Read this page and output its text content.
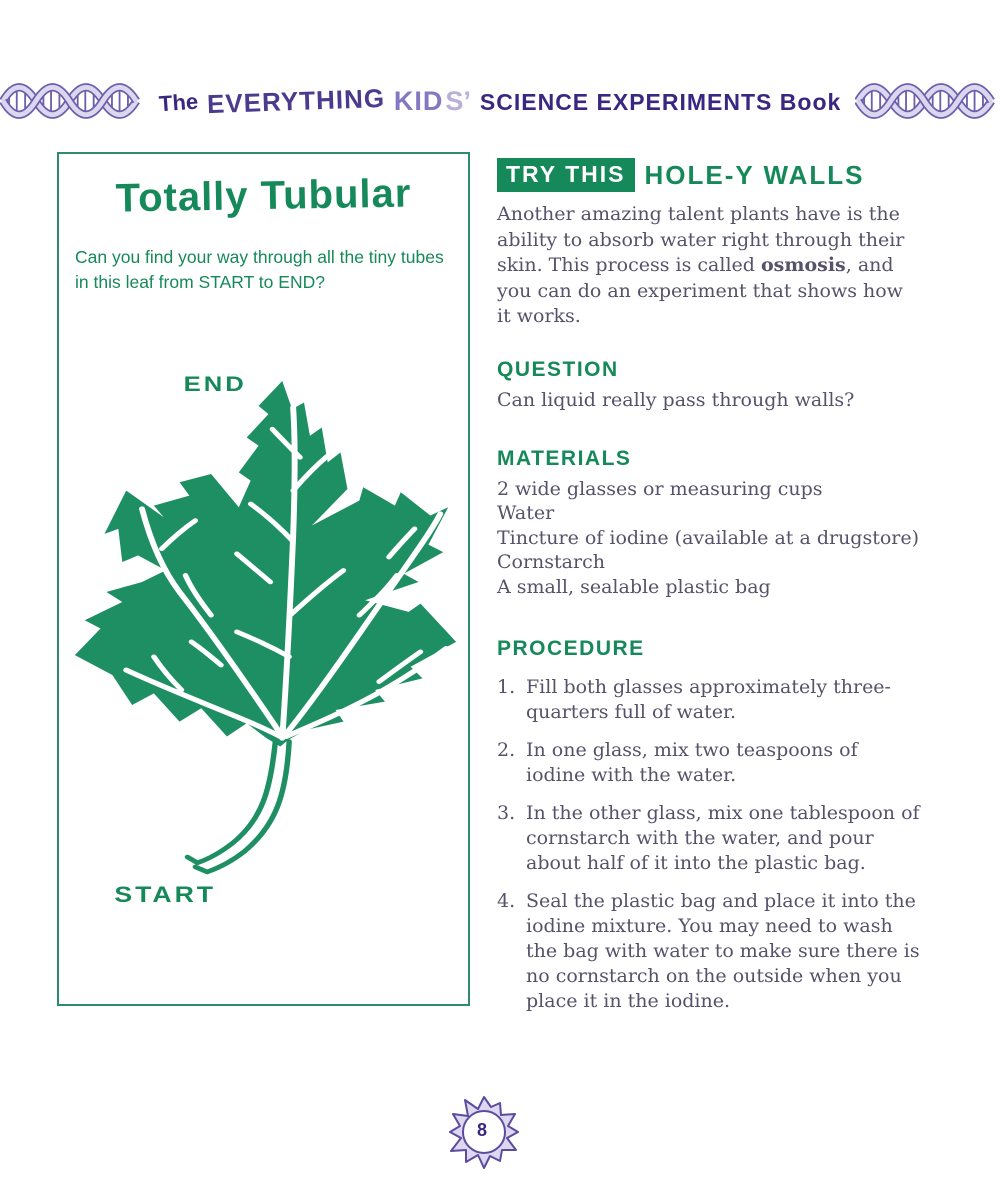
The EVERYTHING KID S’ SCIENCE EXPERIMENTS Book
Totally Tubular
Can you find your way through all the tiny tubes in this leaf from START to END?
END
START
TRY THIS HOLE-Y WALLS
Another amazing talent plants have is the ability to absorb water right through their skin. This process is called osmosis, and you can do an experiment that shows how it works.
QUESTION
Can liquid really pass through walls?
MATERIALS
2 wide glasses or measuring cups
Water
Tincture of iodine (available at a drugstore)
Cornstarch
A small, sealable plastic bag
PROCEDURE
1. Fill both glasses approximately three-quarters full of water.
2. In one glass, mix two teaspoons of iodine with the water.
3. In the other glass, mix one tablespoon of cornstarch with the water, and pour about half of it into the plastic bag.
4. Seal the plastic bag and place it into the iodine mixture. You may need to wash the bag with water to make sure there is no cornstarch on the outside when you place it in the iodine.
8
